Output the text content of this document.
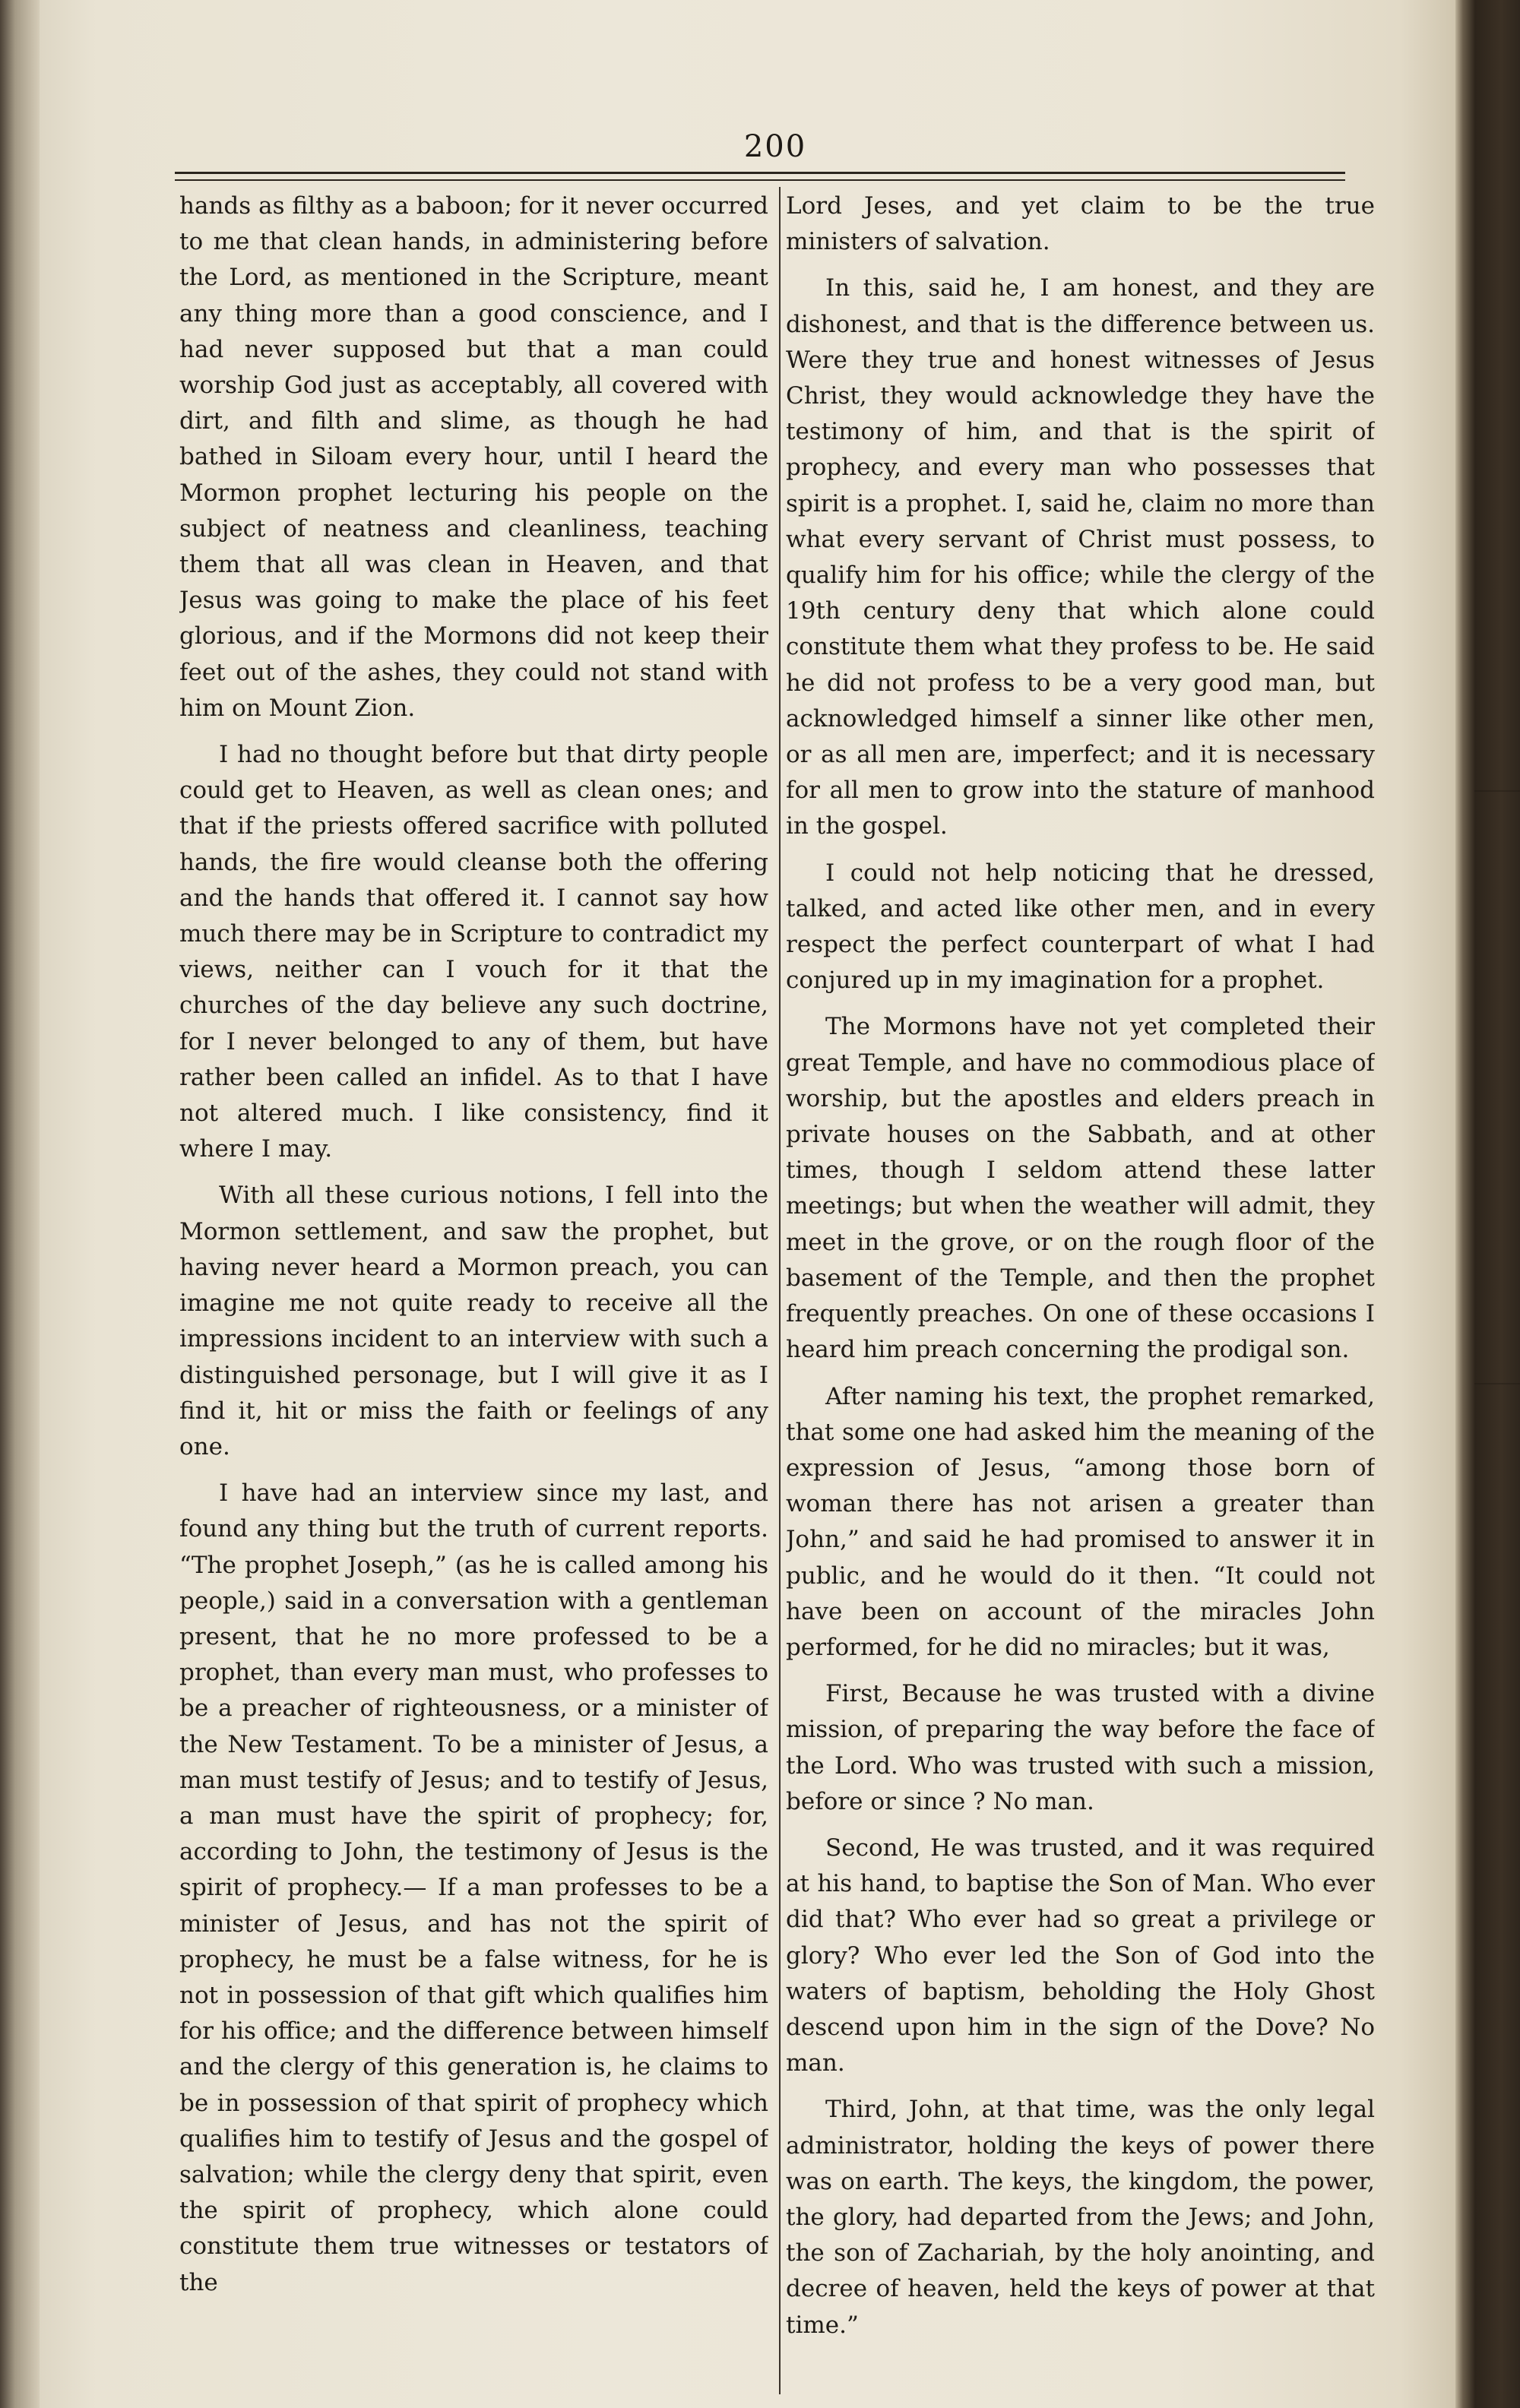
200

hands as filthy as a baboon; for it never occurred to me that clean hands, in administering before the Lord, as mentioned in the Scripture, meant any thing more than a good conscience, and I had never supposed but that a man could worship God just as acceptably, all covered with dirt, and filth and slime, as though he had bathed in Siloam every hour, until I heard the Mormon prophet lecturing his people on the subject of neatness and cleanliness, teaching them that all was clean in Heaven, and that Jesus was going to make the place of his feet glorious, and if the Mormons did not keep their feet out of the ashes, they could not stand with him on Mount Zion.

I had no thought before but that dirty people could get to Heaven, as well as clean ones; and that if the priests offered sacrifice with polluted hands, the fire would cleanse both the offering and the hands that offered it. I cannot say how much there may be in Scripture to contradict my views, neither can I vouch for it that the churches of the day believe any such doctrine, for I never belonged to any of them, but have rather been called an infidel. As to that I have not altered much. I like consistency, find it where I may.

With all these curious notions, I fell into the Mormon settlement, and saw the prophet, but having never heard a Mormon preach, you can imagine me not quite ready to receive all the impressions incident to an interview with such a distinguished personage, but I will give it as I find it, hit or miss the faith or feelings of any one.

I have had an interview since my last, and found any thing but the truth of current reports. “The prophet Joseph,” (as he is called among his people,) said in a conversation with a gentleman present, that he no more professed to be a prophet, than every man must, who professes to be a preacher of righteousness, or a minister of the New Testament. To be a minister of Jesus, a man must testify of Jesus; and to testify of Jesus, a man must have the spirit of prophecy; for, according to John, the testimony of Jesus is the spirit of prophecy.— If a man professes to be a minister of Jesus, and has not the spirit of prophecy, he must be a false witness, for he is not in possession of that gift which qualifies him for his office; and the difference between himself and the clergy of this generation is, he claims to be in possession of that spirit of prophecy which qualifies him to testify of Jesus and the gospel of salvation; while the clergy deny that spirit, even the spirit of prophecy, which alone could constitute them true witnesses or testators of the

Lord Jeses, and yet claim to be the true ministers of salvation.

In this, said he, I am honest, and they are dishonest, and that is the difference between us. Were they true and honest witnesses of Jesus Christ, they would acknowledge they have the testimony of him, and that is the spirit of prophecy, and every man who possesses that spirit is a prophet. I, said he, claim no more than what every servant of Christ must possess, to qualify him for his office; while the clergy of the 19th century deny that which alone could constitute them what they profess to be. He said he did not profess to be a very good man, but acknowledged himself a sinner like other men, or as all men are, imperfect; and it is necessary for all men to grow into the stature of manhood in the gospel.

I could not help noticing that he dressed, talked, and acted like other men, and in every respect the perfect counterpart of what I had conjured up in my imagination for a prophet.

The Mormons have not yet completed their great Temple, and have no commodious place of worship, but the apostles and elders preach in private houses on the Sabbath, and at other times, though I seldom attend these latter meetings; but when the weather will admit, they meet in the grove, or on the rough floor of the basement of the Temple, and then the prophet frequently preaches. On one of these occasions I heard him preach concerning the prodigal son.

After naming his text, the prophet remarked, that some one had asked him the meaning of the expression of Jesus, “among those born of woman there has not arisen a greater than John,” and said he had promised to answer it in public, and he would do it then. “It could not have been on account of the miracles John performed, for he did no miracles; but it was,

First, Because he was trusted with a divine mission, of preparing the way before the face of the Lord. Who was trusted with such a mission, before or since ? No man.

Second, He was trusted, and it was required at his hand, to baptise the Son of Man. Who ever did that? Who ever had so great a privilege or glory? Who ever led the Son of God into the waters of baptism, beholding the Holy Ghost descend upon him in the sign of the Dove? No man.

Third, John, at that time, was the only legal administrator, holding the keys of power there was on earth. The keys, the kingdom, the power, the glory, had departed from the Jews; and John, the son of Zachariah, by the holy anointing, and decree of heaven, held the keys of power at that time.”
